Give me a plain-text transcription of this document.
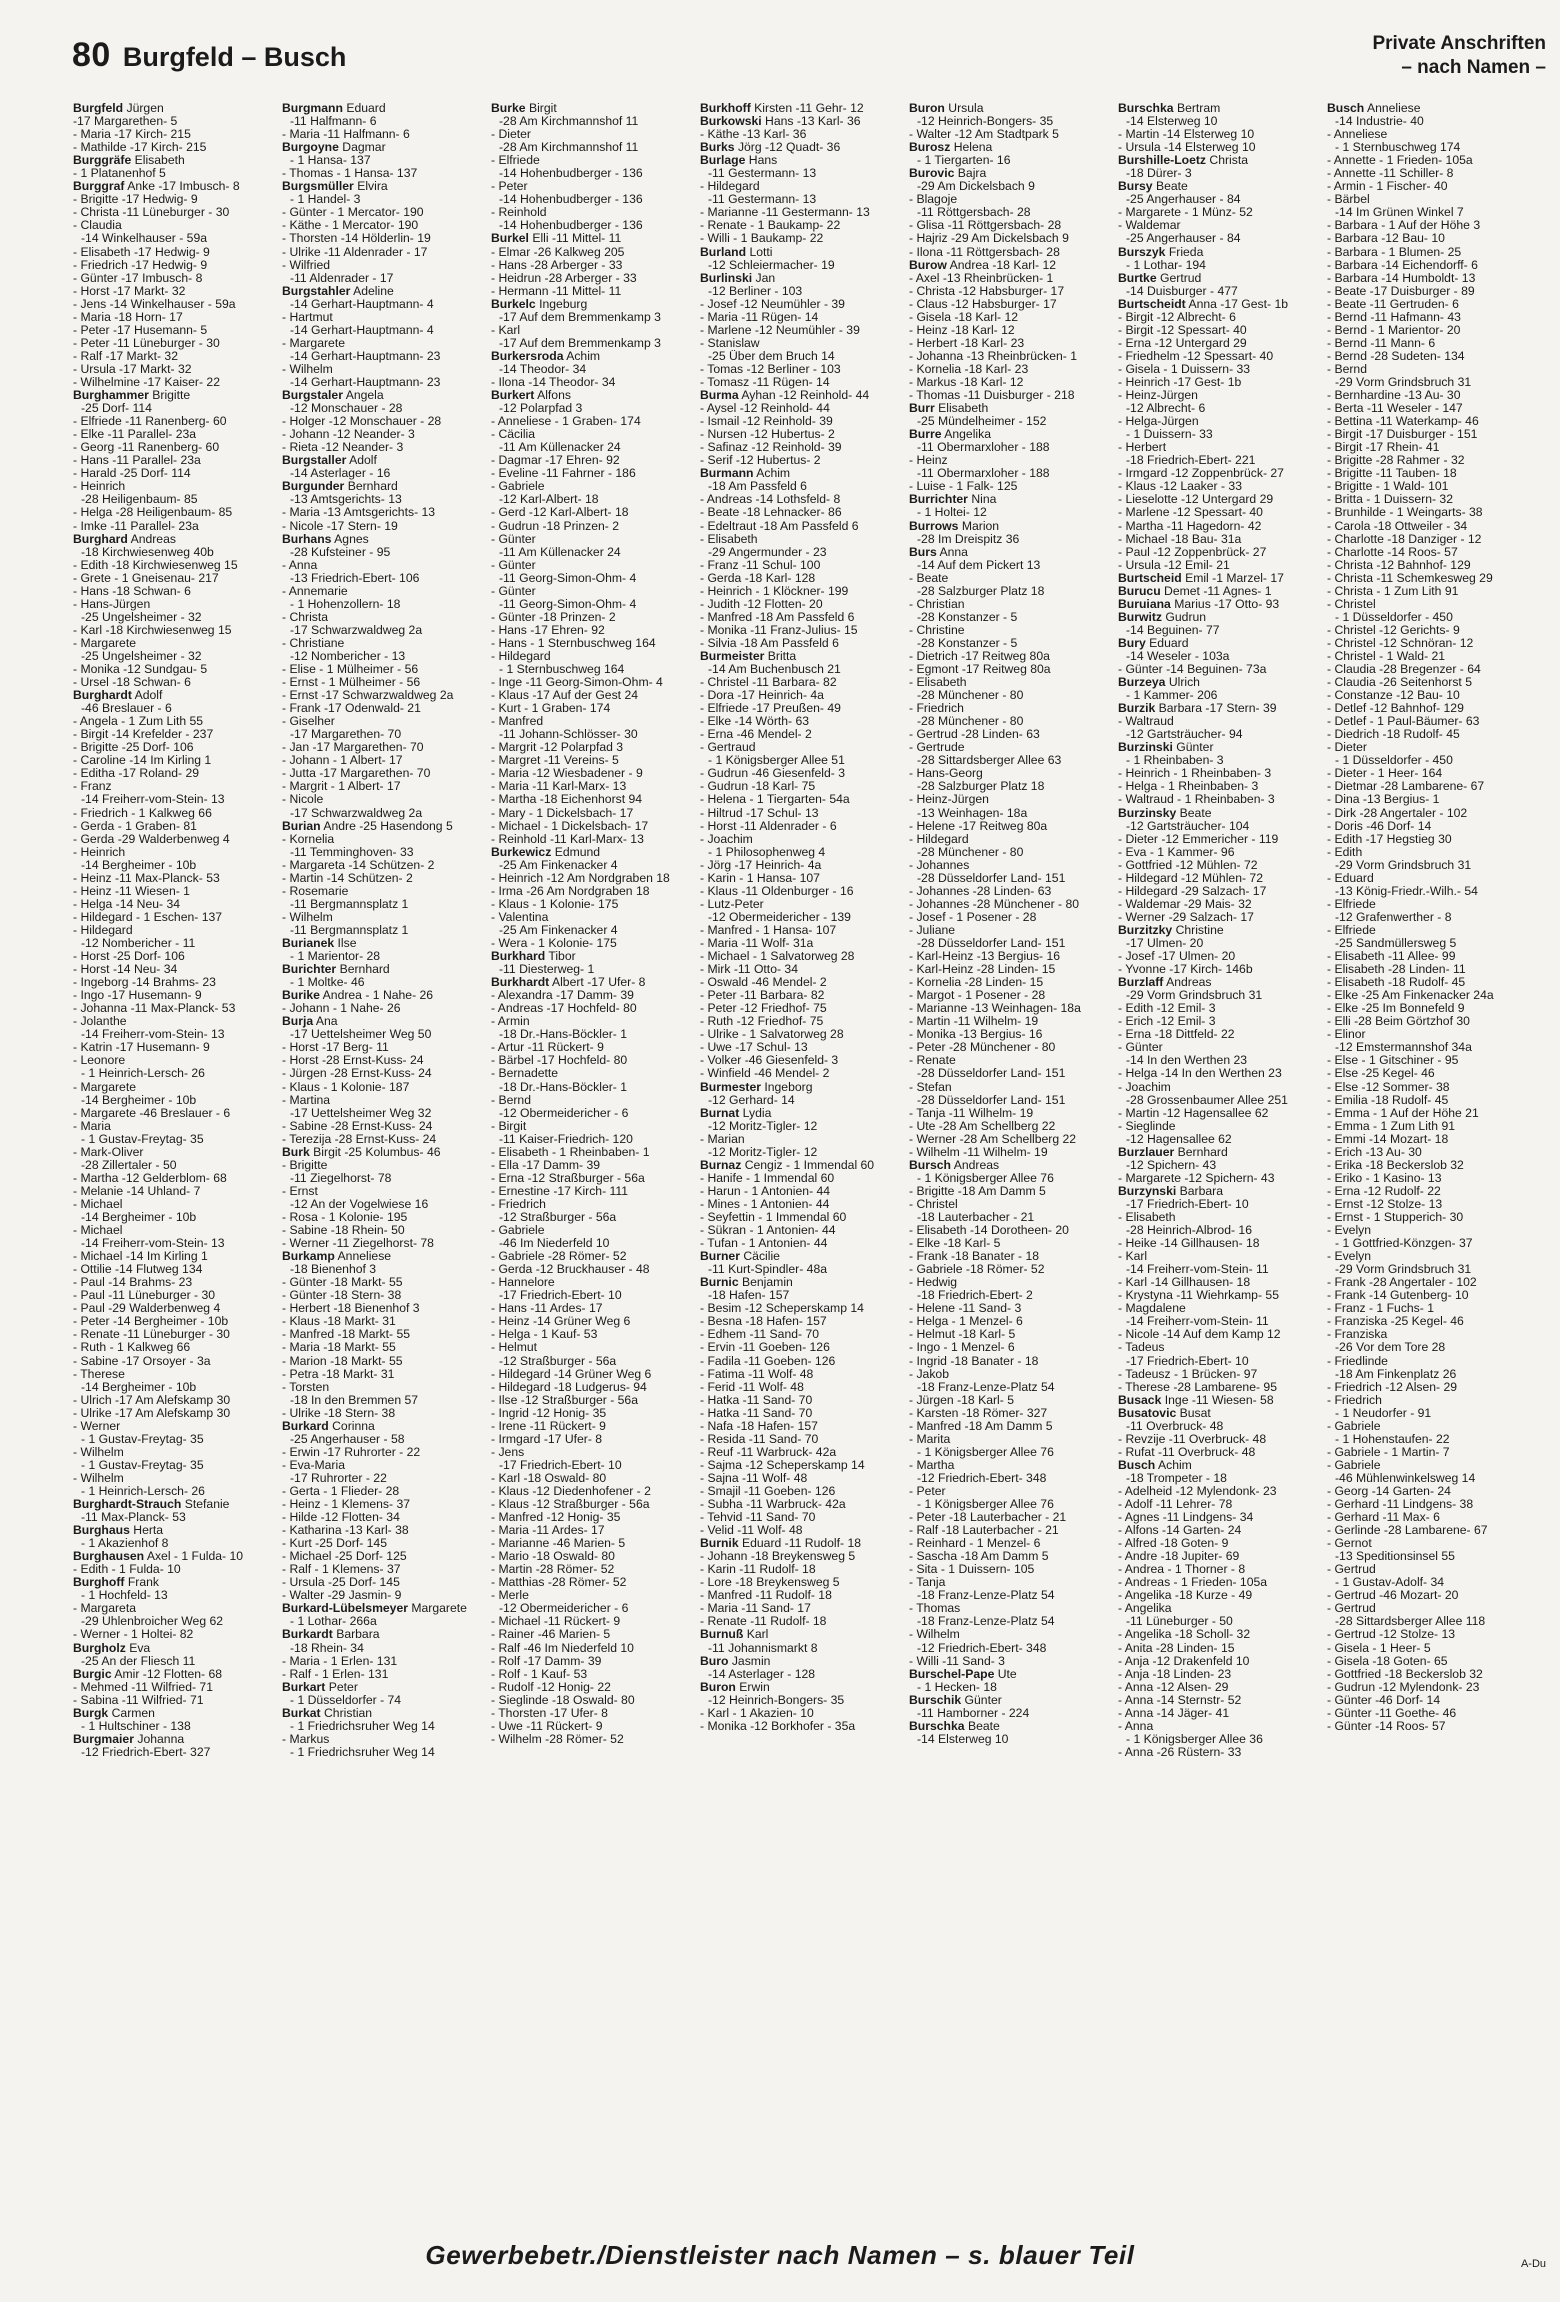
80 Burgfeld – Busch	Private Anschriften
– nach Namen –
Burgfeld Jürgen
-17 Margarethen- 5
- Maria -17 Kirch- 215
- Mathilde -17 Kirch- 215
Burggräfe Elisabeth
- 1 Platanenhof 5
Burggraf Anke -17 Imbusch- 8
- Brigitte -17 Hedwig- 9
- Christa -11 Lüneburger - 30
- Claudia
-14 Winkelhauser - 59a
- Elisabeth -17 Hedwig- 9
- Friedrich -17 Hedwig- 9
- Günter -17 Imbusch- 8
- Horst -17 Markt- 32
- Jens -14 Winkelhauser - 59a
- Maria -18 Horn- 17
- Peter -17 Husemann- 5
- Peter -11 Lüneburger - 30
- Ralf -17 Markt- 32
- Ursula -17 Markt- 32
- Wilhelmine -17 Kaiser- 22
Burghammer Brigitte
-25 Dorf- 114
- Elfriede -11 Ranenberg- 60
- Elke -11 Parallel- 23a
- Georg -11 Ranenberg- 60
- Hans -11 Parallel- 23a
- Harald -25 Dorf- 114
- Heinrich
-28 Heiligenbaum- 85
- Helga -28 Heiligenbaum- 85
- Imke -11 Parallel- 23a
Burghard Andreas
-18 Kirchwiesenweg 40b
- Edith -18 Kirchwiesenweg 15
- Grete - 1 Gneisenau- 217
- Hans -18 Schwan- 6
- Hans-Jürgen
-25 Ungelsheimer - 32
- Karl -18 Kirchwiesenweg 15
- Margarete
-25 Ungelsheimer - 32
- Monika -12 Sundgau- 5
- Ursel -18 Schwan- 6
Burghardt Adolf
-46 Breslauer - 6
- Angela - 1 Zum Lith 55
- Birgit -14 Krefelder - 237
- Brigitte -25 Dorf- 106
- Caroline -14 Im Kirling 1
- Editha -17 Roland- 29
- Franz
-14 Freiherr-vom-Stein- 13
- Friedrich - 1 Kalkweg 66
- Gerda - 1 Graben- 81
- Gerda -29 Walderbenweg 4
- Heinrich
-14 Bergheimer - 10b
- Heinz -11 Max-Planck- 53
- Heinz -11 Wiesen- 1
- Helga -14 Neu- 34
- Hildegard - 1 Eschen- 137
- Hildegard
-12 Nombericher - 11
- Horst -25 Dorf- 106
- Horst -14 Neu- 34
- Ingeborg -14 Brahms- 23
- Ingo -17 Husemann- 9
- Johanna -11 Max-Planck- 53
- Jolanthe
-14 Freiherr-vom-Stein- 13
- Katrin -17 Husemann- 9
- Leonore
- 1 Heinrich-Lersch- 26
- Margarete
-14 Bergheimer - 10b
- Margarete -46 Breslauer - 6
- Maria
- 1 Gustav-Freytag- 35
- Mark-Oliver
-28 Zillertaler - 50
- Martha -12 Gelderblom- 68
- Melanie -14 Uhland- 7
- Michael
-14 Bergheimer - 10b
- Michael
-14 Freiherr-vom-Stein- 13
- Michael -14 Im Kirling 1
- Ottilie -14 Flutweg 134
- Paul -14 Brahms- 23
- Paul -11 Lüneburger - 30
- Paul -29 Walderbenweg 4
- Peter -14 Bergheimer - 10b
- Renate -11 Lüneburger - 30
- Ruth - 1 Kalkweg 66
- Sabine -17 Orsoyer - 3a
- Therese
-14 Bergheimer - 10b
- Ulrich -17 Am Alefskamp 30
- Ulrike -17 Am Alefskamp 30
- Werner
- 1 Gustav-Freytag- 35
- Wilhelm
- 1 Gustav-Freytag- 35
- Wilhelm
- 1 Heinrich-Lersch- 26
Burghardt-Strauch Stefanie
-11 Max-Planck- 53
Burghaus Herta
- 1 Akazienhof 8
Burghausen Axel - 1 Fulda- 10
- Edith - 1 Fulda- 10
Burghoff Frank
- 1 Hochfeld- 13
- Margareta
-29 Uhlenbroicher Weg 62
- Werner - 1 Holtei- 82
Burgholz Eva
-25 An der Fliesch 11
Burgic Amir -12 Flotten- 68
- Mehmed -11 Wilfried- 71
- Sabina -11 Wilfried- 71
Burgk Carmen
- 1 Hultschiner - 138
Burgmaier Johanna
-12 Friedrich-Ebert- 327
Burgmann Eduard
-11 Halfmann- 6
- Maria -11 Halfmann- 6
Burgoyne Dagmar
- 1 Hansa- 137
- Thomas - 1 Hansa- 137
Burgsmüller Elvira
- 1 Handel- 3
- Günter - 1 Mercator- 190
- Käthe - 1 Mercator- 190
- Thorsten -14 Hölderlin- 19
- Ulrike -11 Aldenrader - 17
- Wilfried
-11 Aldenrader - 17
Burgstahler Adeline
-14 Gerhart-Hauptmann- 4
- Hartmut
-14 Gerhart-Hauptmann- 4
- Margarete
-14 Gerhart-Hauptmann- 23
- Wilhelm
-14 Gerhart-Hauptmann- 23
Burgstaler Angela
-12 Monschauer - 28
- Holger -12 Monschauer - 28
- Johann -12 Neander- 3
- Rieta -12 Neander- 3
Burgstaller Adolf
-14 Asterlager - 16
Burgunder Bernhard
-13 Amtsgerichts- 13
- Maria -13 Amtsgerichts- 13
- Nicole -17 Stern- 19
Burhans Agnes
-28 Kufsteiner - 95
- Anna
-13 Friedrich-Ebert- 106
- Annemarie
- 1 Hohenzollern- 18
- Christa
-17 Schwarzwaldweg 2a
- Christiane
-12 Nombericher - 13
- Elise - 1 Mülheimer - 56
- Ernst - 1 Mülheimer - 56
- Ernst -17 Schwarzwaldweg 2a
- Frank -17 Odenwald- 21
- Giselher
-17 Margarethen- 70
- Jan -17 Margarethen- 70
- Johann - 1 Albert- 17
- Jutta -17 Margarethen- 70
- Margrit - 1 Albert- 17
- Nicole
-17 Schwarzwaldweg 2a
Burian Andre -25 Hasendong 5
- Kornelia
-11 Temminghoven- 33
- Margareta -14 Schützen- 2
- Martin -14 Schützen- 2
- Rosemarie
-11 Bergmannsplatz 1
- Wilhelm
-11 Bergmannsplatz 1
Burianek Ilse
- 1 Marientor- 28
Burichter Bernhard
- 1 Moltke- 46
Burike Andrea - 1 Nahe- 26
- Johann - 1 Nahe- 26
Burja Ana
-17 Uettelsheimer Weg 50
- Horst -17 Berg- 11
- Horst -28 Ernst-Kuss- 24
- Jürgen -28 Ernst-Kuss- 24
- Klaus - 1 Kolonie- 187
- Martina
-17 Uettelsheimer Weg 32
- Sabine -28 Ernst-Kuss- 24
- Terezija -28 Ernst-Kuss- 24
Burk Birgit -25 Kolumbus- 46
- Brigitte
-11 Ziegelhorst- 78
- Ernst
-12 An der Vogelwiese 16
- Rosa - 1 Kolonie- 195
- Sabine -18 Rhein- 50
- Werner -11 Ziegelhorst- 78
Burkamp Anneliese
-18 Bienenhof 3
- Günter -18 Markt- 55
- Günter -18 Stern- 38
- Herbert -18 Bienenhof 3
- Klaus -18 Markt- 31
- Manfred -18 Markt- 55
- Maria -18 Markt- 55
- Marion -18 Markt- 55
- Petra -18 Markt- 31
- Torsten
-18 In den Bremmen 57
- Ulrike -18 Stern- 38
Burkard Corinna
-25 Angerhauser - 58
- Erwin -17 Ruhrorter - 22
- Eva-Maria
-17 Ruhrorter - 22
- Gerta - 1 Flieder- 28
- Heinz - 1 Klemens- 37
- Hilde -12 Flotten- 34
- Katharina -13 Karl- 38
- Kurt -25 Dorf- 145
- Michael -25 Dorf- 125
- Ralf - 1 Klemens- 37
- Ursula -25 Dorf- 145
- Walter -29 Jasmin- 9
Burkard-Lübelsmeyer Margarete
- 1 Lothar- 266a
Burkardt Barbara
-18 Rhein- 34
- Maria - 1 Erlen- 131
- Ralf - 1 Erlen- 131
Burkart Peter
- 1 Düsseldorfer - 74
Burkat Christian
- 1 Friedrichsruher Weg 14
- Markus
- 1 Friedrichsruher Weg 14
Burke Birgit
-28 Am Kirchmannshof 11
- Dieter
-28 Am Kirchmannshof 11
- Elfriede
-14 Hohenbudberger - 136
- Peter
-14 Hohenbudberger - 136
- Reinhold
-14 Hohenbudberger - 136
Burkel Elli -11 Mittel- 11
- Elmar -26 Kalkweg 205
- Hans -28 Arberger - 33
- Heidrun -28 Arberger - 33
- Hermann -11 Mittel- 11
Burkelc Ingeburg
-17 Auf dem Bremmenkamp 3
- Karl
-17 Auf dem Bremmenkamp 3
Burkersroda Achim
-14 Theodor- 34
- Ilona -14 Theodor- 34
Burkert Alfons
-12 Polarpfad 3
- Anneliese - 1 Graben- 174
- Cäcilia
-11 Am Küllenacker 24
- Dagmar -17 Ehren- 92
- Eveline -11 Fahrner - 186
- Gabriele
-12 Karl-Albert- 18
- Gerd -12 Karl-Albert- 18
- Gudrun -18 Prinzen- 2
- Günter
-11 Am Küllenacker 24
- Günter
-11 Georg-Simon-Ohm- 4
- Günter
-11 Georg-Simon-Ohm- 4
- Günter -18 Prinzen- 2
- Hans -17 Ehren- 92
- Hans - 1 Sternbuschweg 164
- Hildegard
- 1 Sternbuschweg 164
- Inge -11 Georg-Simon-Ohm- 4
- Klaus -17 Auf der Gest 24
- Kurt - 1 Graben- 174
- Manfred
-11 Johann-Schlösser- 30
- Margrit -12 Polarpfad 3
- Margret -11 Vereins- 5
- Maria -12 Wiesbadener - 9
- Maria -11 Karl-Marx- 13
- Martha -18 Eichenhorst 94
- Mary - 1 Dickelsbach- 17
- Michael - 1 Dickelsbach- 17
- Reinhold -11 Karl-Marx- 13
Burkewicz Edmund
-25 Am Finkenacker 4
- Heinrich -12 Am Nordgraben 18
- Irma -26 Am Nordgraben 18
- Klaus - 1 Kolonie- 175
- Valentina
-25 Am Finkenacker 4
- Wera - 1 Kolonie- 175
Burkhard Tibor
-11 Diesterweg- 1
Burkhardt Albert -17 Ufer- 8
- Alexandra -17 Damm- 39
- Andreas -17 Hochfeld- 80
- Armin
-18 Dr.-Hans-Böckler- 1
- Artur -11 Rückert- 9
- Bärbel -17 Hochfeld- 80
- Bernadette
-18 Dr.-Hans-Böckler- 1
- Bernd
-12 Obermeidericher - 6
- Birgit
-11 Kaiser-Friedrich- 120
- Elisabeth - 1 Rheinbaben- 1
- Ella -17 Damm- 39
- Erna -12 Straßburger - 56a
- Ernestine -17 Kirch- 111
- Friedrich
-12 Straßburger - 56a
- Gabriele
-46 Im Niederfeld 10
- Gabriele -28 Römer- 52
- Gerda -12 Bruckhauser - 48
- Hannelore
-17 Friedrich-Ebert- 10
- Hans -11 Ardes- 17
- Heinz -14 Grüner Weg 6
- Helga - 1 Kauf- 53
- Helmut
-12 Straßburger - 56a
- Hildegard -14 Grüner Weg 6
- Hildegard -18 Ludgerus- 94
- Ilse -12 Straßburger - 56a
- Ingrid -12 Honig- 35
- Irene -11 Rückert- 9
- Irmgard -17 Ufer- 8
- Jens
-17 Friedrich-Ebert- 10
- Karl -18 Oswald- 80
- Klaus -12 Diedenhofener - 2
- Klaus -12 Straßburger - 56a
- Manfred -12 Honig- 35
- Maria -11 Ardes- 17
- Marianne -46 Marien- 5
- Mario -18 Oswald- 80
- Martin -28 Römer- 52
- Matthias -28 Römer- 52
- Merle
-12 Obermeidericher - 6
- Michael -11 Rückert- 9
- Rainer -46 Marien- 5
- Ralf -46 Im Niederfeld 10
- Rolf -17 Damm- 39
- Rolf - 1 Kauf- 53
- Rudolf -12 Honig- 22
- Sieglinde -18 Oswald- 80
- Thorsten -17 Ufer- 8
- Uwe -11 Rückert- 9
- Wilhelm -28 Römer- 52
Burkhoff Kirsten -11 Gehr- 12
Burkowski Hans -13 Karl- 36
- Käthe -13 Karl- 36
Burks Jörg -12 Quadt- 36
Burlage Hans
-11 Gestermann- 13
- Hildegard
-11 Gestermann- 13
- Marianne -11 Gestermann- 13
- Renate - 1 Baukamp- 22
- Willi - 1 Baukamp- 22
Burland Lotti
-12 Schleiermacher- 19
Burlinski Jan
-12 Berliner - 103
- Josef -12 Neumühler - 39
- Maria -11 Rügen- 14
- Marlene -12 Neumühler - 39
- Stanislaw
-25 Über dem Bruch 14
- Tomas -12 Berliner - 103
- Tomasz -11 Rügen- 14
Burma Ayhan -12 Reinhold- 44
- Aysel -12 Reinhold- 44
- Ismail -12 Reinhold- 39
- Nursen -12 Hubertus- 2
- Safinaz -12 Reinhold- 39
- Serif -12 Hubertus- 2
Burmann Achim
-18 Am Passfeld 6
- Andreas -14 Lothsfeld- 8
- Beate -18 Lehnacker- 86
- Edeltraut -18 Am Passfeld 6
- Elisabeth
-29 Angermunder - 23
- Franz -11 Schul- 100
- Gerda -18 Karl- 128
- Heinrich - 1 Klöckner- 199
- Judith -12 Flotten- 20
- Manfred -18 Am Passfeld 6
- Monika -11 Franz-Julius- 15
- Silvia -18 Am Passfeld 6
Burmeister Britta
-14 Am Buchenbusch 21
- Christel -11 Barbara- 82
- Dora -17 Heinrich- 4a
- Elfriede -17 Preußen- 49
- Elke -14 Wörth- 63
- Erna -46 Mendel- 2
- Gertraud
- 1 Königsberger Allee 51
- Gudrun -46 Giesenfeld- 3
- Gudrun -18 Karl- 75
- Helena - 1 Tiergarten- 54a
- Hiltrud -17 Schul- 13
- Horst -11 Aldenrader - 6
- Joachim
- 1 Philosophenweg 4
- Jörg -17 Heinrich- 4a
- Karin - 1 Hansa- 107
- Klaus -11 Oldenburger - 16
- Lutz-Peter
-12 Obermeidericher - 139
- Manfred - 1 Hansa- 107
- Maria -11 Wolf- 31a
- Michael - 1 Salvatorweg 28
- Mirk -11 Otto- 34
- Oswald -46 Mendel- 2
- Peter -11 Barbara- 82
- Peter -12 Friedhof- 75
- Ruth -12 Friedhof- 75
- Ulrike - 1 Salvatorweg 28
- Uwe -17 Schul- 13
- Volker -46 Giesenfeld- 3
- Winfield -46 Mendel- 2
Burmester Ingeborg
-12 Gerhard- 14
Burnat Lydia
-12 Moritz-Tigler- 12
- Marian
-12 Moritz-Tigler- 12
Burnaz Cengiz - 1 Immendal 60
- Hanife - 1 Immendal 60
- Harun - 1 Antonien- 44
- Mines - 1 Antonien- 44
- Seyfettin - 1 Immendal 60
- Sükran - 1 Antonien- 44
- Tufan - 1 Antonien- 44
Burner Cäcilie
-11 Kurt-Spindler- 48a
Burnic Benjamin
-18 Hafen- 157
- Besim -12 Scheperskamp 14
- Besna -18 Hafen- 157
- Edhem -11 Sand- 70
- Ervin -11 Goeben- 126
- Fadila -11 Goeben- 126
- Fatima -11 Wolf- 48
- Ferid -11 Wolf- 48
- Hatka -11 Sand- 70
- Hatka -11 Sand- 70
- Nafa -18 Hafen- 157
- Resida -11 Sand- 70
- Reuf -11 Warbruck- 42a
- Sajma -12 Scheperskamp 14
- Sajna -11 Wolf- 48
- Smajil -11 Goeben- 126
- Subha -11 Warbruck- 42a
- Tehvid -11 Sand- 70
- Velid -11 Wolf- 48
Burnik Eduard -11 Rudolf- 18
- Johann -18 Breykensweg 5
- Karin -11 Rudolf- 18
- Lore -18 Breykensweg 5
- Manfred -11 Rudolf- 18
- Maria -11 Sand- 17
- Renate -11 Rudolf- 18
Burnuß Karl
-11 Johannismarkt 8
Buro Jasmin
-14 Asterlager - 128
Buron Erwin
-12 Heinrich-Bongers- 35
- Karl - 1 Akazien- 10
- Monika -12 Borkhofer - 35a
Buron Ursula
-12 Heinrich-Bongers- 35
- Walter -12 Am Stadtpark 5
Burosz Helena
- 1 Tiergarten- 16
Burovic Bajra
-29 Am Dickelsbach 9
- Blagoje
-11 Röttgersbach- 28
- Glisa -11 Röttgersbach- 28
- Hajriz -29 Am Dickelsbach 9
- Ilona -11 Röttgersbach- 28
Burow Andrea -18 Karl- 12
- Axel -13 Rheinbrücken- 1
- Christa -12 Habsburger- 17
- Claus -12 Habsburger- 17
- Gisela -18 Karl- 12
- Heinz -18 Karl- 12
- Herbert -18 Karl- 23
- Johanna -13 Rheinbrücken- 1
- Kornelia -18 Karl- 23
- Markus -18 Karl- 12
- Thomas -11 Duisburger - 218
Burr Elisabeth
-25 Mündelheimer - 152
Burre Angelika
-11 Obermarxloher - 188
- Heinz
-11 Obermarxloher - 188
- Luise - 1 Falk- 125
Burrichter Nina
- 1 Holtei- 12
Burrows Marion
-28 Im Dreispitz 36
Burs Anna
-14 Auf dem Pickert 13
- Beate
-28 Salzburger Platz 18
- Christian
-28 Konstanzer - 5
- Christine
-28 Konstanzer - 5
- Dietrich -17 Reitweg 80a
- Egmont -17 Reitweg 80a
- Elisabeth
-28 Münchener - 80
- Friedrich
-28 Münchener - 80
- Gertrud -28 Linden- 63
- Gertrude
-28 Sittardsberger Allee 63
- Hans-Georg
-28 Salzburger Platz 18
- Heinz-Jürgen
-13 Weinhagen- 18a
- Helene -17 Reitweg 80a
- Hildegard
-28 Münchener - 80
- Johannes
-28 Düsseldorfer Land- 151
- Johannes -28 Linden- 63
- Johannes -28 Münchener - 80
- Josef - 1 Posener - 28
- Juliane
-28 Düsseldorfer Land- 151
- Karl-Heinz -13 Bergius- 16
- Karl-Heinz -28 Linden- 15
- Kornelia -28 Linden- 15
- Margot - 1 Posener - 28
- Marianne -13 Weinhagen- 18a
- Martin -11 Wilhelm- 19
- Monika -13 Bergius- 16
- Peter -28 Münchener - 80
- Renate
-28 Düsseldorfer Land- 151
- Stefan
-28 Düsseldorfer Land- 151
- Tanja -11 Wilhelm- 19
- Ute -28 Am Schellberg 22
- Werner -28 Am Schellberg 22
- Wilhelm -11 Wilhelm- 19
Bursch Andreas
- 1 Königsberger Allee 76
- Brigitte -18 Am Damm 5
- Christel
-18 Lauterbacher - 21
- Elisabeth -14 Dorotheen- 20
- Elke -18 Karl- 5
- Frank -18 Banater - 18
- Gabriele -18 Römer- 52
- Hedwig
-18 Friedrich-Ebert- 2
- Helene -11 Sand- 3
- Helga - 1 Menzel- 6
- Helmut -18 Karl- 5
- Ingo - 1 Menzel- 6
- Ingrid -18 Banater - 18
- Jakob
-18 Franz-Lenze-Platz 54
- Jürgen -18 Karl- 5
- Karsten -18 Römer- 327
- Manfred -18 Am Damm 5
- Marita
- 1 Königsberger Allee 76
- Martha
-12 Friedrich-Ebert- 348
- Peter
- 1 Königsberger Allee 76
- Peter -18 Lauterbacher - 21
- Ralf -18 Lauterbacher - 21
- Reinhard - 1 Menzel- 6
- Sascha -18 Am Damm 5
- Sita - 1 Duissern- 105
- Tanja
-18 Franz-Lenze-Platz 54
- Thomas
-18 Franz-Lenze-Platz 54
- Wilhelm
-12 Friedrich-Ebert- 348
- Willi -11 Sand- 3
Burschel-Pape Ute
- 1 Hecken- 18
Burschik Günter
-11 Hamborner - 224
Burschka Beate
-14 Elsterweg 10
Burschka Bertram
-14 Elsterweg 10
- Martin -14 Elsterweg 10
- Ursula -14 Elsterweg 10
Burshille-Loetz Christa
-18 Dürer- 3
Bursy Beate
-25 Angerhauser - 84
- Margarete - 1 Münz- 52
- Waldemar
-25 Angerhauser - 84
Burszyk Frieda
- 1 Lothar- 194
Burtke Gertrud
-14 Duisburger - 477
Burtscheidt Anna -17 Gest- 1b
- Birgit -12 Albrecht- 6
- Birgit -12 Spessart- 40
- Erna -12 Untergard 29
- Friedhelm -12 Spessart- 40
- Gisela - 1 Duissern- 33
- Heinrich -17 Gest- 1b
- Heinz-Jürgen
-12 Albrecht- 6
- Helga-Jürgen
- 1 Duissern- 33
- Herbert
-18 Friedrich-Ebert- 221
- Irmgard -12 Zoppenbrück- 27
- Klaus -12 Laaker - 33
- Lieselotte -12 Untergard 29
- Marlene -12 Spessart- 40
- Martha -11 Hagedorn- 42
- Michael -18 Bau- 31a
- Paul -12 Zoppenbrück- 27
- Ursula -12 Emil- 21
Burtscheid Emil -1 Marzel- 17
Burucu Demet -11 Agnes- 1
Buruiana Marius -17 Otto- 93
Burwitz Gudrun
-14 Beguinen- 77
Bury Eduard
-14 Weseler - 103a
- Günter -14 Beguinen- 73a
Burzeya Ulrich
- 1 Kammer- 206
Burzik Barbara -17 Stern- 39
- Waltraud
-12 Gartsträucher- 94
Burzinski Günter
- 1 Rheinbaben- 3
- Heinrich - 1 Rheinbaben- 3
- Helga - 1 Rheinbaben- 3
- Waltraud - 1 Rheinbaben- 3
Burzinsky Beate
-12 Gartsträucher- 104
- Dieter -12 Emmericher - 119
- Eva - 1 Kammer- 96
- Gottfried -12 Mühlen- 72
- Hildegard -12 Mühlen- 72
- Hildegard -29 Salzach- 17
- Waldemar -29 Mais- 32
- Werner -29 Salzach- 17
Burzitzky Christine
-17 Ulmen- 20
- Josef -17 Ulmen- 20
- Yvonne -17 Kirch- 146b
Burzlaff Andreas
-29 Vorm Grindsbruch 31
- Edith -12 Emil- 3
- Erich -12 Emil- 3
- Erna -18 Dittfeld- 22
- Günter
-14 In den Werthen 23
- Helga -14 In den Werthen 23
- Joachim
-28 Grossenbaumer Allee 251
- Martin -12 Hagensallee 62
- Sieglinde
-12 Hagensallee 62
Burzlauer Bernhard
-12 Spichern- 43
- Margarete -12 Spichern- 43
Burzynski Barbara
-17 Friedrich-Ebert- 10
- Elisabeth
-28 Heinrich-Albrod- 16
- Heike -14 Gillhausen- 18
- Karl
-14 Freiherr-vom-Stein- 11
- Karl -14 Gillhausen- 18
- Krystyna -11 Wiehrkamp- 55
- Magdalene
-14 Freiherr-vom-Stein- 11
- Nicole -14 Auf dem Kamp 12
- Tadeus
-17 Friedrich-Ebert- 10
- Tadeusz - 1 Brücken- 97
- Therese -28 Lambarene- 95
Busack Inge -11 Wiesen- 58
Busatovic Busat
-11 Overbruck- 48
- Revzije -11 Overbruck- 48
- Rufat -11 Overbruck- 48
Busch Achim
-18 Trompeter - 18
- Adelheid -12 Mylendonk- 23
- Adolf -11 Lehrer- 78
- Agnes -11 Lindgens- 34
- Alfons -14 Garten- 24
- Alfred -18 Goten- 9
- Andre -18 Jupiter- 69
- Andrea - 1 Thorner - 8
- Andreas - 1 Frieden- 105a
- Angelika -18 Kurze - 49
- Angelika
-11 Lüneburger - 50
- Angelika -18 Scholl- 32
- Anita -28 Linden- 15
- Anja -12 Drakenfeld 10
- Anja -18 Linden- 23
- Anna -12 Alsen- 29
- Anna -14 Sternstr- 52
- Anna -14 Jäger- 41
- Anna
- 1 Königsberger Allee 36
- Anna -26 Rüstern- 33
Busch Anneliese
-14 Industrie- 40
- Anneliese
- 1 Sternbuschweg 174
- Annette - 1 Frieden- 105a
- Annette -11 Schiller- 8
- Armin - 1 Fischer- 40
- Bärbel
-14 Im Grünen Winkel 7
- Barbara - 1 Auf der Höhe 3
- Barbara -12 Bau- 10
- Barbara - 1 Blumen- 25
- Barbara -14 Eichendorff- 6
- Barbara -14 Humboldt- 13
- Beate -17 Duisburger - 89
- Beate -11 Gertruden- 6
- Bernd -11 Hafmann- 43
- Bernd - 1 Marientor- 20
- Bernd -11 Mann- 6
- Bernd -28 Sudeten- 134
- Bernd
-29 Vorm Grindsbruch 31
- Bernhardine -13 Au- 30
- Berta -11 Weseler - 147
- Bettina -11 Waterkamp- 46
- Birgit -17 Duisburger - 151
- Birgit -17 Rhein- 41
- Brigitte -28 Rahmer - 32
- Brigitte -11 Tauben- 18
- Brigitte - 1 Wald- 101
- Britta - 1 Duissern- 32
- Brunhilde - 1 Weingarts- 38
- Carola -18 Ottweiler - 34
- Charlotte -18 Danziger - 12
- Charlotte -14 Roos- 57
- Christa -12 Bahnhof- 129
- Christa -11 Schemkesweg 29
- Christa - 1 Zum Lith 91
- Christel
- 1 Düsseldorfer - 450
- Christel -12 Gerichts- 9
- Christel -12 Schnöran- 12
- Christel - 1 Wald- 21
- Claudia -28 Bregenzer - 64
- Claudia -26 Seitenhorst 5
- Constanze -12 Bau- 10
- Detlef -12 Bahnhof- 129
- Detlef - 1 Paul-Bäumer- 63
- Diedrich -18 Rudolf- 45
- Dieter
- 1 Düsseldorfer - 450
- Dieter - 1 Heer- 164
- Dietmar -28 Lambarene- 67
- Dina -13 Bergius- 1
- Dirk -28 Angertaler - 102
- Doris -46 Dorf- 14
- Edith -17 Hegstieg 30
- Edith
-29 Vorm Grindsbruch 31
- Eduard
-13 König-Friedr.-Wilh.- 54
- Elfriede
-12 Grafenwerther - 8
- Elfriede
-25 Sandmüllersweg 5
- Elisabeth -11 Allee- 99
- Elisabeth -28 Linden- 11
- Elisabeth -18 Rudolf- 45
- Elke -25 Am Finkenacker 24a
- Elke -25 Im Bonnefeld 9
- Elli -28 Beim Görtzhof 30
- Elinor
-12 Emstermannshof 34a
- Else - 1 Gitschiner - 95
- Else -25 Kegel- 46
- Else -12 Sommer- 38
- Emilia -18 Rudolf- 45
- Emma - 1 Auf der Höhe 21
- Emma - 1 Zum Lith 91
- Emmi -14 Mozart- 18
- Erich -13 Au- 30
- Erika -18 Beckerslob 32
- Eriko - 1 Kasino- 13
- Erna -12 Rudolf- 22
- Ernst -12 Stolze- 13
- Ernst - 1 Stupperich- 30
- Evelyn
- 1 Gottfried-Könzgen- 37
- Evelyn
-29 Vorm Grindsbruch 31
- Frank -28 Angertaler - 102
- Frank -14 Gutenberg- 10
- Franz - 1 Fuchs- 1
- Franziska -25 Kegel- 46
- Franziska
-26 Vor dem Tore 28
- Friedlinde
-18 Am Finkenplatz 26
- Friedrich -12 Alsen- 29
- Friedrich
- 1 Neudorfer - 91
- Gabriele
- 1 Hohenstaufen- 22
- Gabriele - 1 Martin- 7
- Gabriele
-46 Mühlenwinkelsweg 14
- Georg -14 Garten- 24
- Gerhard -11 Lindgens- 38
- Gerhard -11 Max- 6
- Gerlinde -28 Lambarene- 67
- Gernot
-13 Speditionsinsel 55
- Gertrud
- 1 Gustav-Adolf- 34
- Gertrud -46 Mozart- 20
- Gertrud
-28 Sittardsberger Allee 118
- Gertrud -12 Stolze- 13
- Gisela - 1 Heer- 5
- Gisela -18 Goten- 65
- Gottfried -18 Beckerslob 32
- Gudrun -12 Mylendonk- 23
- Günter -46 Dorf- 14
- Günter -11 Goethe- 46
- Günter -14 Roos- 57
Gewerbebetr./Dienstleister nach Namen – s. blauer Teil	A-Du
